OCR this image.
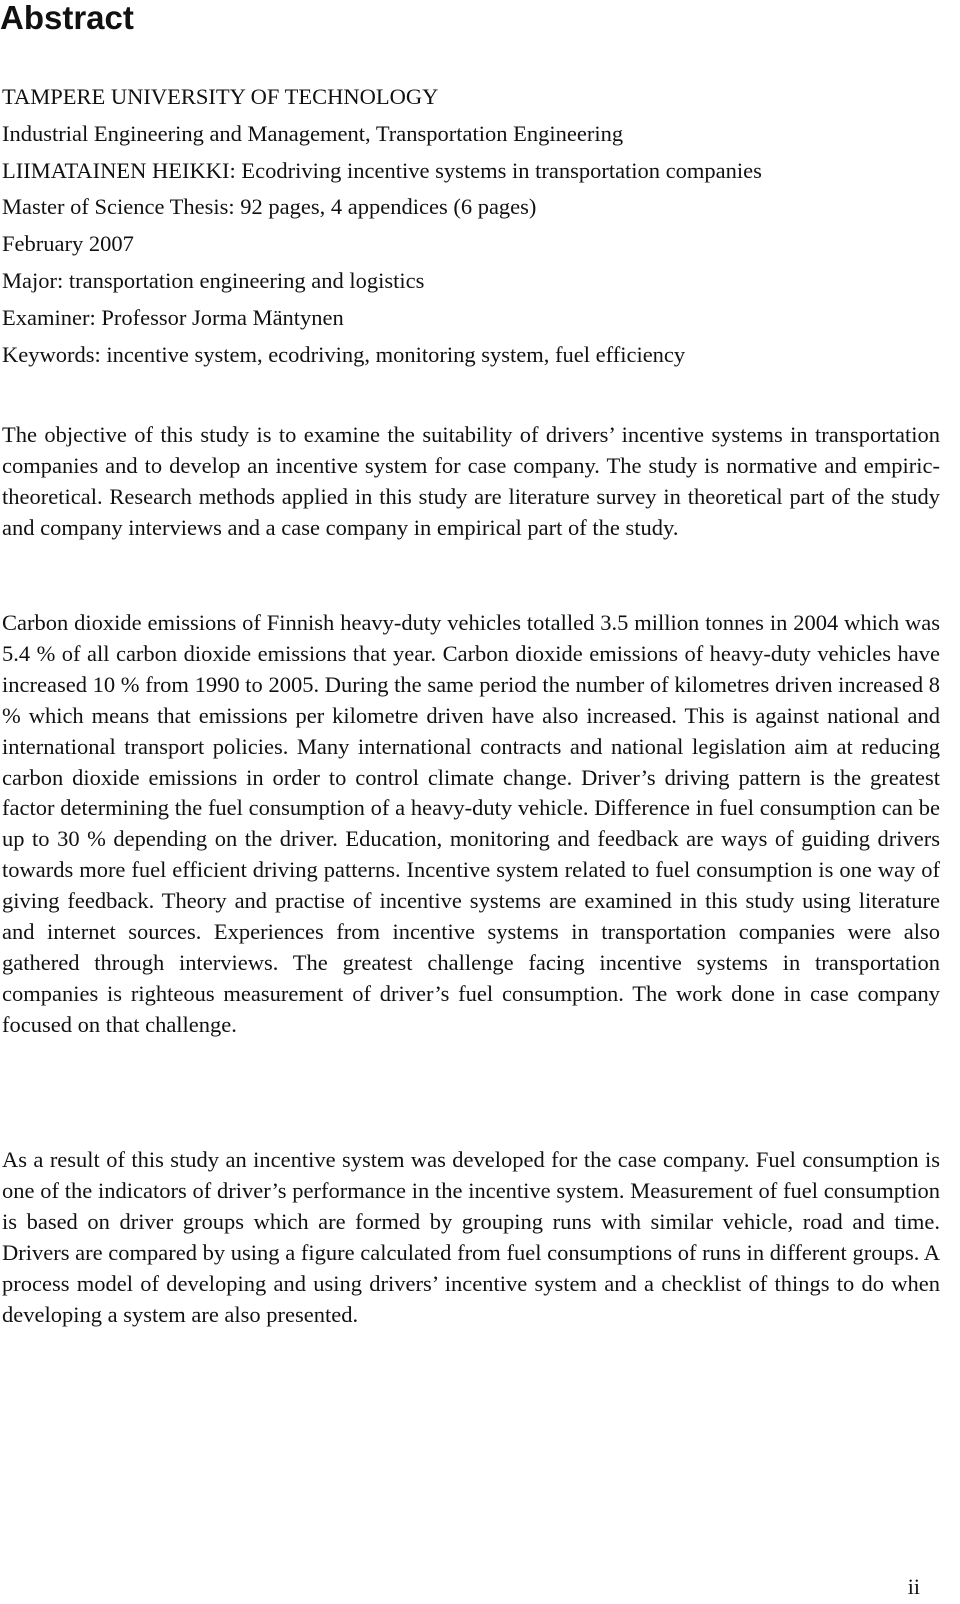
Abstract
TAMPERE UNIVERSITY OF TECHNOLOGY
Industrial Engineering and Management, Transportation Engineering
LIIMATAINEN HEIKKI: Ecodriving incentive systems in transportation companies
Master of Science Thesis: 92 pages, 4 appendices (6 pages)
February 2007
Major: transportation engineering and logistics
Examiner: Professor Jorma Mäntynen
Keywords: incentive system, ecodriving, monitoring system, fuel efficiency

The objective of this study is to examine the suitability of drivers’ incentive systems in transportation companies and to develop an incentive system for case company. The study is normative and empiric-theoretical. Research methods applied in this study are literature survey in theoretical part of the study and company interviews and a case company in empirical part of the study.

Carbon dioxide emissions of Finnish heavy-duty vehicles totalled 3.5 million tonnes in 2004 which was 5.4 % of all carbon dioxide emissions that year. Carbon dioxide emissions of heavy-duty vehicles have increased 10 % from 1990 to 2005. During the same period the number of kilometres driven increased 8 % which means that emissions per kilometre driven have also increased. This is against national and international transport policies. Many international contracts and national legislation aim at reducing carbon dioxide emissions in order to control climate change. Driver’s driving pattern is the greatest factor determining the fuel consumption of a heavy-duty vehicle. Difference in fuel consumption can be up to 30 % depending on the driver. Education, monitoring and feedback are ways of guiding drivers towards more fuel efficient driving patterns. Incentive system related to fuel consumption is one way of giving feedback. Theory and practise of incentive systems are examined in this study using literature and internet sources. Experiences from incentive systems in transportation companies were also gathered through interviews. The greatest challenge facing incentive systems in transportation companies is righteous measurement of driver’s fuel consumption. The work done in case company focused on that challenge.

As a result of this study an incentive system was developed for the case company. Fuel consumption is one of the indicators of driver’s performance in the incentive system. Measurement of fuel consumption is based on driver groups which are formed by grouping runs with similar vehicle, road and time. Drivers are compared by using a figure calculated from fuel consumptions of runs in different groups. A process model of developing and using drivers’ incentive system and a checklist of things to do when developing a system are also presented.

ii
